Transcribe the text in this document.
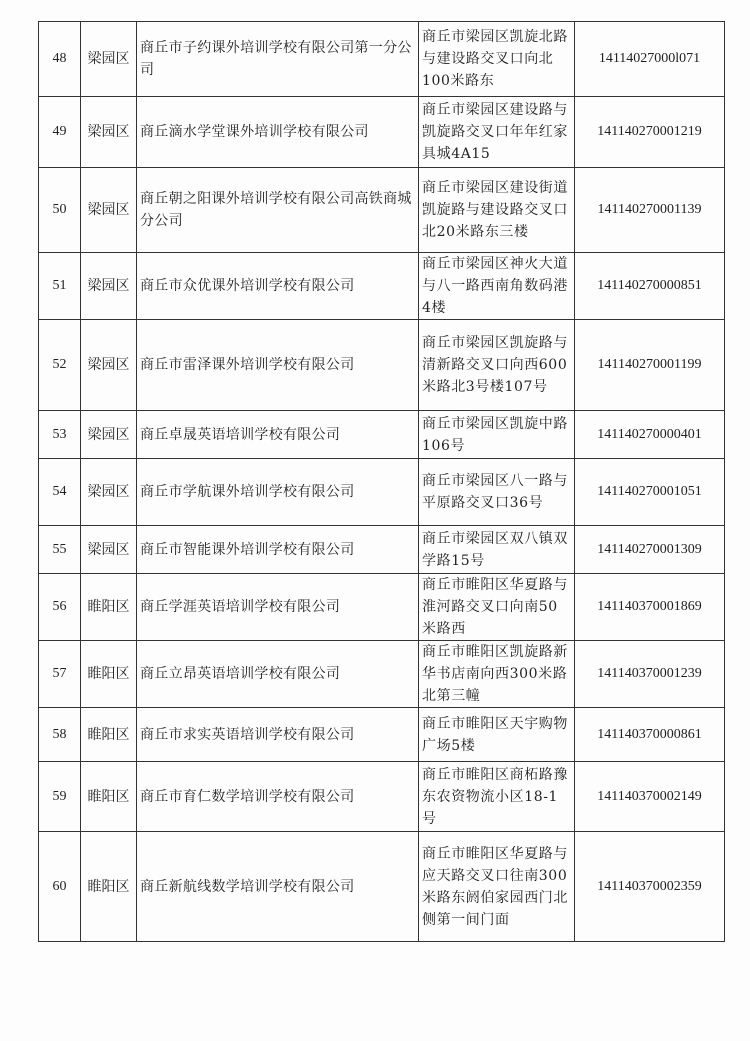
48	梁园区	商丘市子约课外培训学校有限公司第一分公司	商丘市梁园区凯旋北路与建设路交叉口向北100米路东	14114027000l071
49	梁园区	商丘滴水学堂课外培训学校有限公司	商丘市梁园区建设路与凯旋路交叉口年年红家具城4A15	141140270001219
50	梁园区	商丘朝之阳课外培训学校有限公司高铁商城分公司	商丘市梁园区建设街道凯旋路与建设路交叉口北20米路东三楼	141140270001139
51	梁园区	商丘市众优课外培训学校有限公司	商丘市梁园区神火大道与八一路西南角数码港4楼	141140270000851
52	梁园区	商丘市雷泽课外培训学校有限公司	商丘市梁园区凯旋路与清新路交叉口向西600米路北3号楼107号	141140270001199
53	梁园区	商丘卓晟英语培训学校有限公司	商丘市梁园区凯旋中路106号	141140270000401
54	梁园区	商丘市学航课外培训学校有限公司	商丘市梁园区八一路与平原路交叉口36号	141140270001051
55	梁园区	商丘市智能课外培训学校有限公司	商丘市梁园区双八镇双学路15号	141140270001309
56	睢阳区	商丘学涯英语培训学校有限公司	商丘市睢阳区华夏路与淮河路交叉口向南50米路西	141140370001869
57	睢阳区	商丘立昂英语培训学校有限公司	商丘市睢阳区凯旋路新华书店南向西300米路北第三幢	141140370001239
58	睢阳区	商丘市求实英语培训学校有限公司	商丘市睢阳区天宇购物广场5楼	141140370000861
59	睢阳区	商丘市育仁数学培训学校有限公司	商丘市睢阳区商柘路豫东农资物流小区18-1号	141140370002149
60	睢阳区	商丘新航线数学培训学校有限公司	商丘市睢阳区华夏路与应天路交叉口往南300米路东阏伯家园西门北侧第一间门面	141140370002359
